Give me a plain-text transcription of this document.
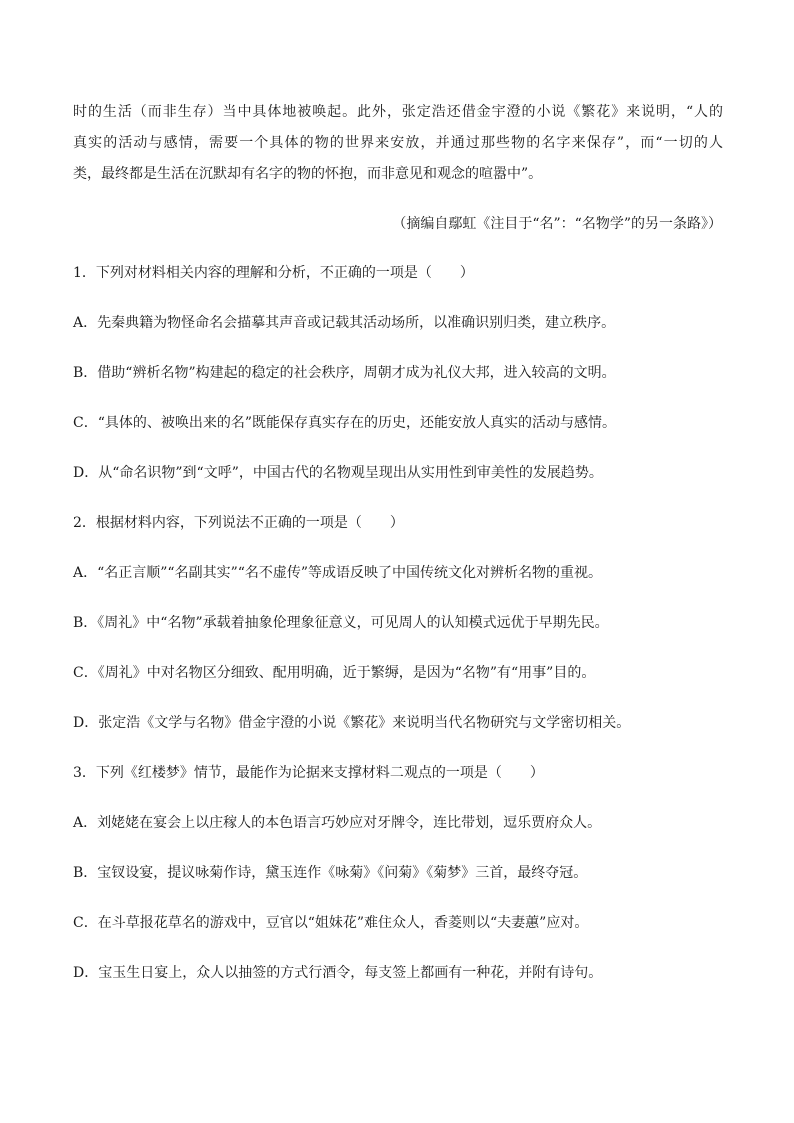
时的生活（而非生存）当中具体地被唤起。此外，张定浩还借金宇澄的小说《繁花》来说明，“人的
真实的活动与感情，需要一个具体的物的世界来安放，并通过那些物的名字来保存”，而“一切的人
类，最终都是生活在沉默却有名字的物的怀抱，而非意见和观念的喧嚣中”。
（摘编自鄢虹《注目于“名”：“名物学”的另一条路》）
1．下列对材料相关内容的理解和分析，不正确的一项是（　　）
A．先秦典籍为物怪命名会描摹其声音或记载其活动场所，以准确识别归类，建立秩序。
B．借助“辨析名物”构建起的稳定的社会秩序，周朝才成为礼仪大邦，进入较高的文明。
C．“具体的、被唤出来的名”既能保存真实存在的历史，还能安放人真实的活动与感情。
D．从“命名识物”到“文呼”，中国古代的名物观呈现出从实用性到审美性的发展趋势。
2．根据材料内容，下列说法不正确的一项是（　　）
A．“名正言顺”“名副其实”“名不虚传”等成语反映了中国传统文化对辨析名物的重视。
B．《周礼》中“名物”承载着抽象伦理象征意义，可见周人的认知模式远优于早期先民。
C．《周礼》中对名物区分细致、配用明确，近于繁缛，是因为“名物”有“用事”目的。
D．张定浩《文学与名物》借金宇澄的小说《繁花》来说明当代名物研究与文学密切相关。
3．下列《红楼梦》情节，最能作为论据来支撑材料二观点的一项是（　　）
A．刘姥姥在宴会上以庄稼人的本色语言巧妙应对牙牌令，连比带划，逗乐贾府众人。
B．宝钗设宴，提议咏菊作诗，黛玉连作《咏菊》《问菊》《菊梦》三首，最终夺冠。
C．在斗草报花草名的游戏中，豆官以“姐妹花”难住众人，香菱则以“夫妻蕙”应对。
D．宝玉生日宴上，众人以抽签的方式行酒令，每支签上都画有一种花，并附有诗句。
